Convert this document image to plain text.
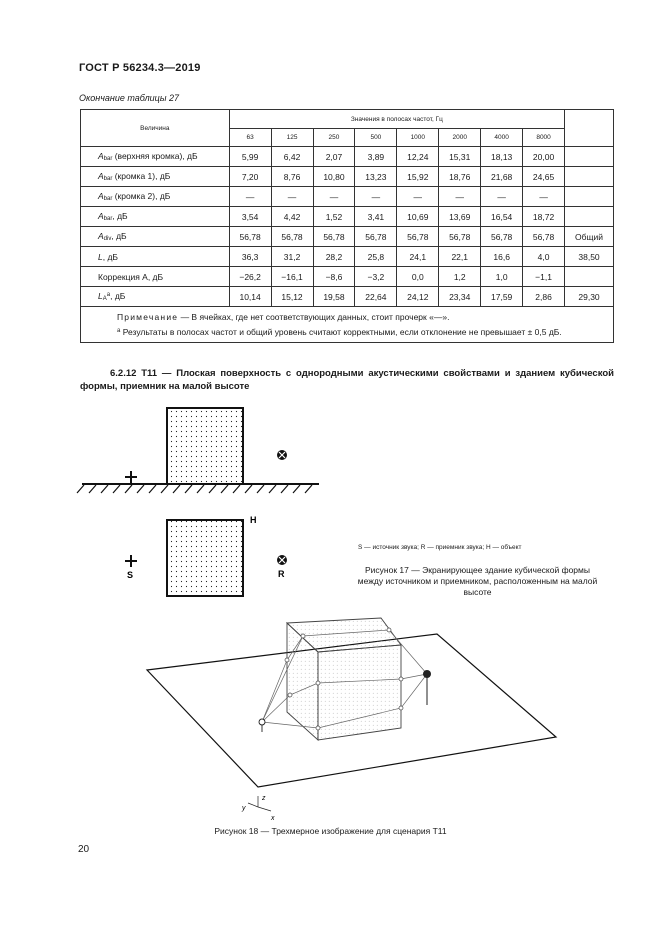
ГОСТ Р 56234.3—2019
Окончание таблицы 27
Величина	Значения в полосах частот, Гц								
	63	125	250	500	1000	2000	4000	8000	
Abar (верхняя кромка), дБ	5,99	6,42	2,07	3,89	12,24	15,31	18,13	20,00	
Abar (кромка 1), дБ	7,20	8,76	10,80	13,23	15,92	18,76	21,68	24,65	
Abar (кромка 2), дБ	—	—	—	—	—	—	—	—	
Abar, дБ	3,54	4,42	1,52	3,41	10,69	13,69	16,54	18,72	
Adiv, дБ	56,78	56,78	56,78	56,78	56,78	56,78	56,78	56,78	Общий
L, дБ	36,3	31,2	28,2	25,8	24,1	22,1	16,6	4,0	38,50
Коррекция А, дБ	−26,2	−16,1	−8,6	−3,2	0,0	1,2	1,0	−1,1	
$LA^a$, дБ	10,14	15,12	19,58	22,64	24,12	23,34	17,59	2,86	29,30

Примечание — В ячейках, где нет соответствующих данных, стоит прочерк «—».
$^а$ Результаты в полосах частот и общий уровень считают корректными, если отклонение не превышает ± 0,5 дБ.									
6.2.12 Т11 — Плоская поверхность с однородными акустическими свойствами и зданием кубической формы, приемник на малой высоте
S	R
H
z
x
y
S — источник звука; R — приемник звука; H — объект
Рисунок 17 — Экранирующее здание кубической формы между источником и приемником, расположенным на малой высоте
Рисунок 18 — Трехмерное изображение для сценария Т11
20
